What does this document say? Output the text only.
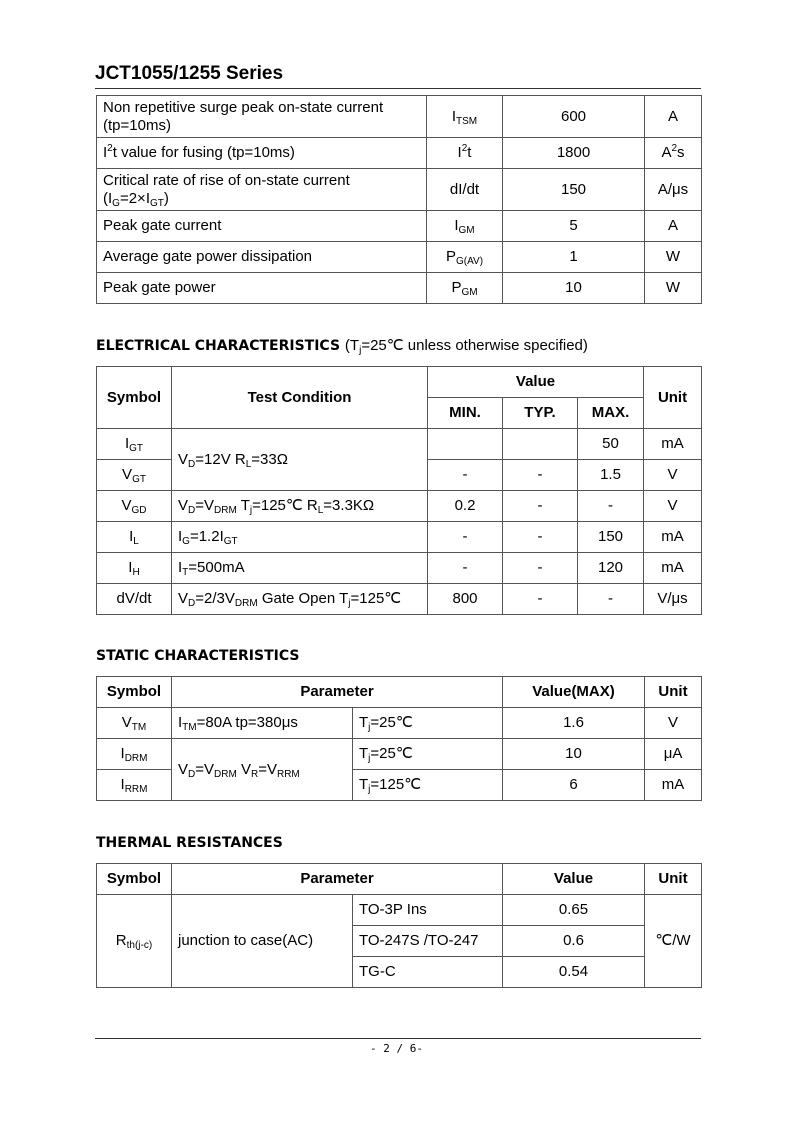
JCT1055/1255 Series
Non repetitive surge peak on-state current
(tp=10ms)	$I_{TSM}$	600	A
$I^2t$ value for fusing (tp=10ms)	$I^2t$	1800	$A^2s$
Critical rate of rise of on-state current
$(I_G=2\times I_{GT})$	dI/dt	150	A/μs
Peak gate current	$I_{GM}$	5	A
Average gate power dissipation	$P_{G(AV)}$	1	W
Peak gate power	$P_{GM}$	10	W
ELECTRICAL CHARACTERISTICS ($T_j=25℃$ unless otherwise specified)
Symbol	Test Condition	Value			Unit
		MIN.	TYP.	MAX.	
$I_{GT}$	$V_D=12V$ $R_L=33\Omega$			50	mA
$V_{GT}$		-	-	1.5	V
$V_{GD}$	$V_D=V_{DRM}$ $T_j=125℃$ $R_L=3.3K\Omega$	0.2	-	-	V
$I_L$	$I_G=1.2I_{GT}$	-	-	150	mA
$I_H$	$I_T=500mA$	-	-	120	mA
dV/dt	$V_D=2/3V_{DRM}$ Gate Open $T_j=125℃$	800	-	-	V/μs
STATIC CHARACTERISTICS
Symbol	Parameter		Value(MAX)	Unit
$V_{TM}$	$I_{TM}=80A$ tp=380μs	$T_j=25℃$	1.6	V
$I_{DRM}$	$V_D=V_{DRM}$ $V_R=V_{RRM}$	$T_j=25℃$	10	μA
$I_{RRM}$		$T_j=125℃$	6	mA
THERMAL RESISTANCES
Symbol	Parameter		Value	Unit
$R_{th(j-c)}$	junction to case(AC)	TO-3P Ins	0.65	℃/W
		TO-247S /TO-247	0.6	
		TG-C	0.54	
- 2 / 6-
